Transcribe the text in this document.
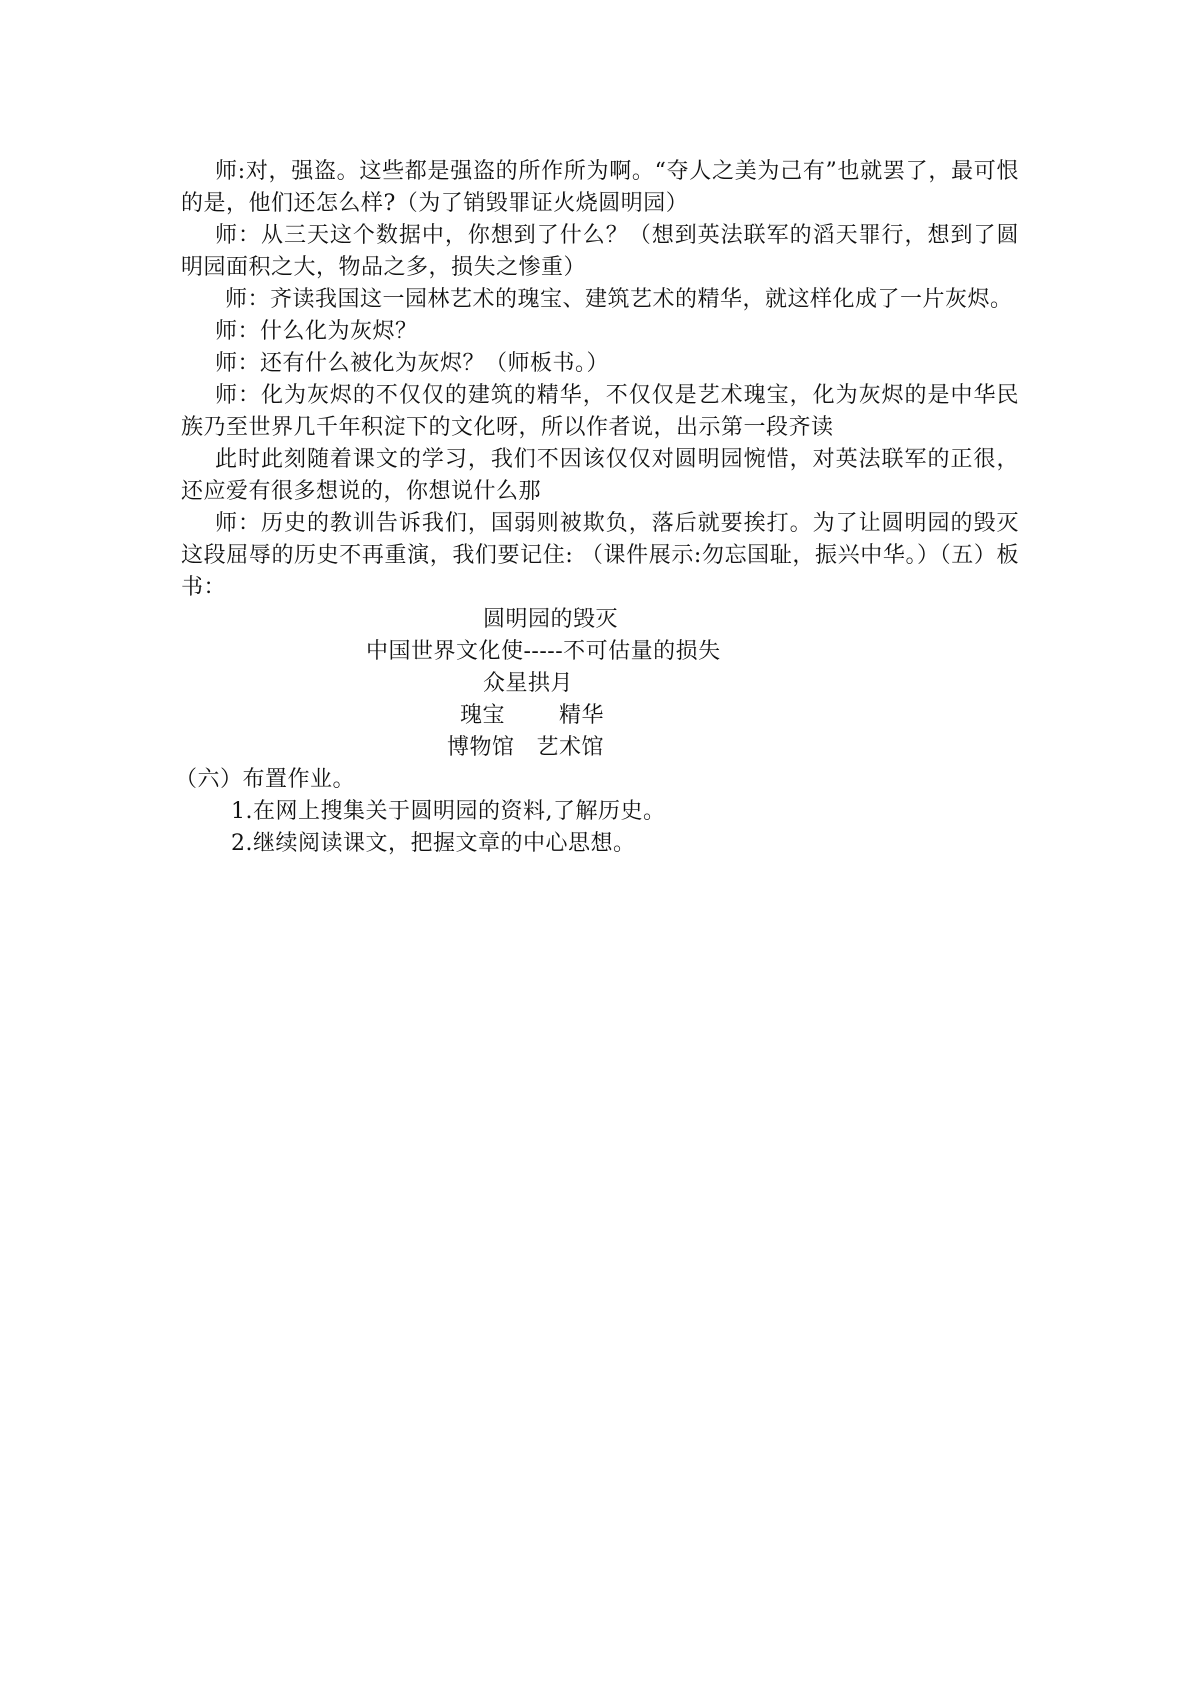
师:对，强盗。这些都是强盗的所作所为啊。“夺人之美为己有”也就罢了，最可恨的是，他们还怎么样?（为了销毁罪证火烧圆明园）

师：从三天这个数据中，你想到了什么？（想到英法联军的滔天罪行，想到了圆明园面积之大，物品之多，损失之惨重）

师：齐读我国这一园林艺术的瑰宝、建筑艺术的精华，就这样化成了一片灰烬。

师：什么化为灰烬？

师：还有什么被化为灰烬？（师板书。）

师：化为灰烬的不仅仅的建筑的精华，不仅仅是艺术瑰宝，化为灰烬的是中华民族乃至世界几千年积淀下的文化呀，所以作者说，出示第一段齐读

此时此刻随着课文的学习，我们不因该仅仅对圆明园惋惜，对英法联军的正很，还应爱有很多想说的，你想说什么那

师：历史的教训告诉我们，国弱则被欺负，落后就要挨打。为了让圆明园的毁灭这段屈辱的历史不再重演，我们要记住: （课件展示:勿忘国耻，振兴中华。）（五）板书：

圆明园的毁灭
中国世界文化使-----不可估量的损失
众星拱月
瑰宝 精华
博物馆 艺术馆

（六）布置作业。

1.在网上搜集关于圆明园的资料,了解历史。

2.继续阅读课文，把握文章的中心思想。
